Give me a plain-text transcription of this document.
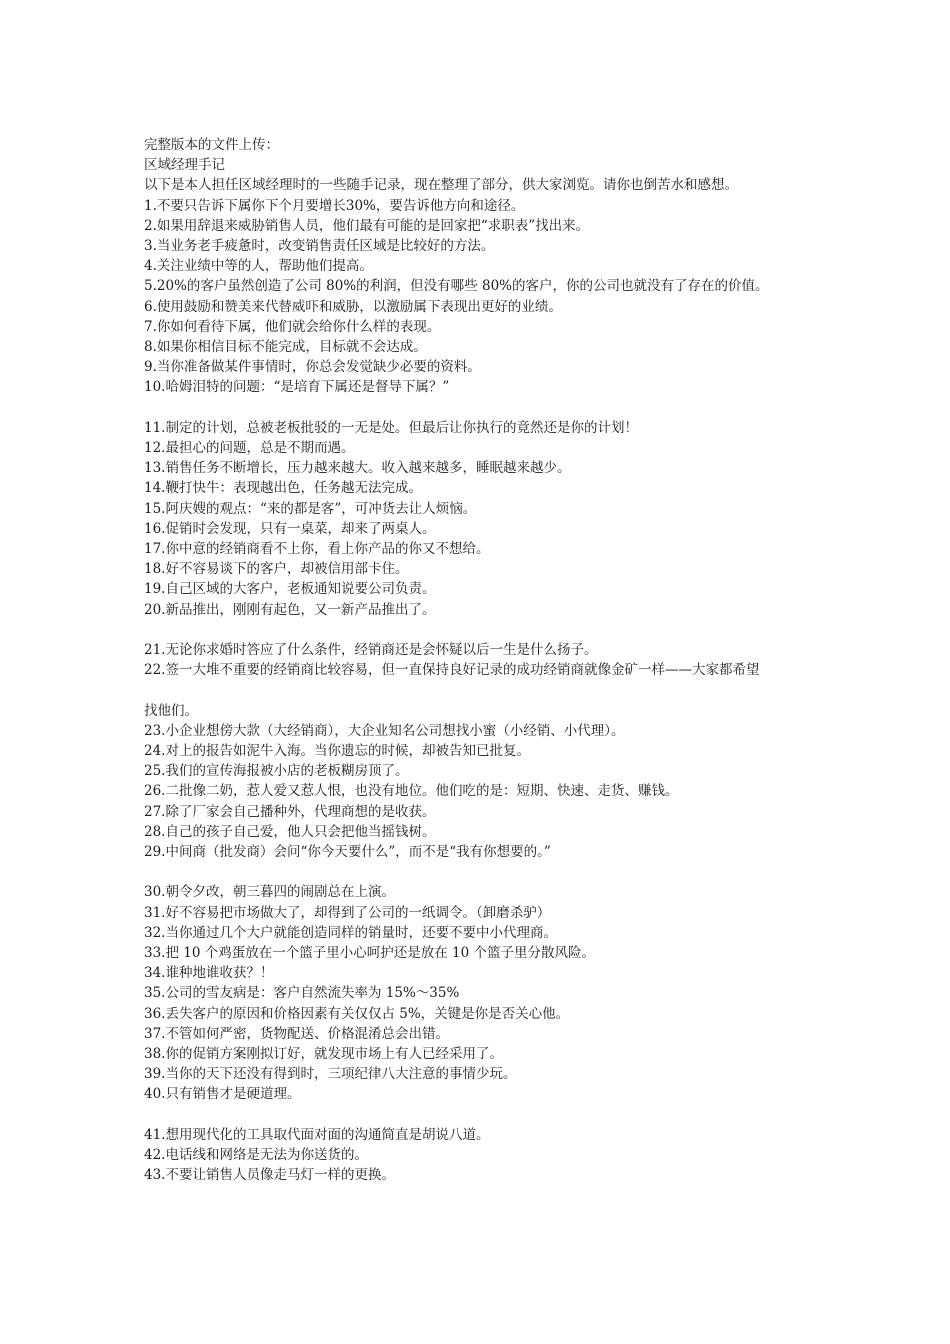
完整版本的文件上传：
区域经理手记
以下是本人担任区域经理时的一些随手记录，现在整理了部分，供大家浏览。请你也倒苦水和感想。
1.不要只告诉下属你下个月要增长30%，要告诉他方向和途径。
2.如果用辞退来威胁销售人员，他们最有可能的是回家把“求职表”找出来。
3.当业务老手疲惫时，改变销售责任区域是比较好的方法。
4.关注业绩中等的人，帮助他们提高。
5.20%的客户虽然创造了公司 80%的利润，但没有哪些 80%的客户，你的公司也就没有了存在的价值。
6.使用鼓励和赞美来代替威吓和威胁，以激励属下表现出更好的业绩。
7.你如何看待下属，他们就会给你什么样的表现。
8.如果你相信目标不能完成，目标就不会达成。
9.当你准备做某件事情时，你总会发觉缺少必要的资料。
10.哈姆泪特的问题：“是培育下属还是督导下属？”
11.制定的计划，总被老板批驳的一无是处。但最后让你执行的竟然还是你的计划！
12.最担心的问题，总是不期而遇。
13.销售任务不断增长，压力越来越大。收入越来越多，睡眠越来越少。
14.鞭打快牛：表现越出色，任务越无法完成。
15.阿庆嫂的观点：“来的都是客”，可冲货去让人烦恼。
16.促销时会发现，只有一桌菜，却来了两桌人。
17.你中意的经销商看不上你，看上你产品的你又不想给。
18.好不容易谈下的客户，却被信用部卡住。
19.自己区域的大客户，老板通知说要公司负责。
20.新品推出，刚刚有起色，又一新产品推出了。
21.无论你求婚时答应了什么条件，经销商还是会怀疑以后一生是什么扬子。
22.签一大堆不重要的经销商比较容易，但一直保持良好记录的成功经销商就像金矿一样——大家都希望
找他们。
23.小企业想傍大款（大经销商），大企业知名公司想找小蜜（小经销、小代理）。
24.对上的报告如泥牛入海。当你遗忘的时候，却被告知已批复。
25.我们的宣传海报被小店的老板糊房顶了。
26.二批像二奶，惹人爱又惹人恨，也没有地位。他们吃的是：短期、快速、走货、赚钱。
27.除了厂家会自己播种外，代理商想的是收获。
28.自己的孩子自己爱，他人只会把他当摇钱树。
29.中间商（批发商）会问“你今天要什么”，而不是“我有你想要的。”
30.朝令夕改，朝三暮四的闹剧总在上演。
31.好不容易把市场做大了，却得到了公司的一纸调令。（卸磨杀驴）
32.当你通过几个大户就能创造同样的销量时，还要不要中小代理商。
33.把 10 个鸡蛋放在一个篮子里小心呵护还是放在 10 个篮子里分散风险。
34.谁种地谁收获？！
35.公司的雪友病是：客户自然流失率为 15%～35%
36.丢失客户的原因和价格因素有关仅仅占 5%，关键是你是否关心他。
37.不管如何严密，货物配送、价格混淆总会出错。
38.你的促销方案刚拟订好，就发现市场上有人已经采用了。
39.当你的天下还没有得到时，三项纪律八大注意的事情少玩。
40.只有销售才是硬道理。
41.想用现代化的工具取代面对面的沟通简直是胡说八道。
42.电话线和网络是无法为你送货的。
43.不要让销售人员像走马灯一样的更换。
